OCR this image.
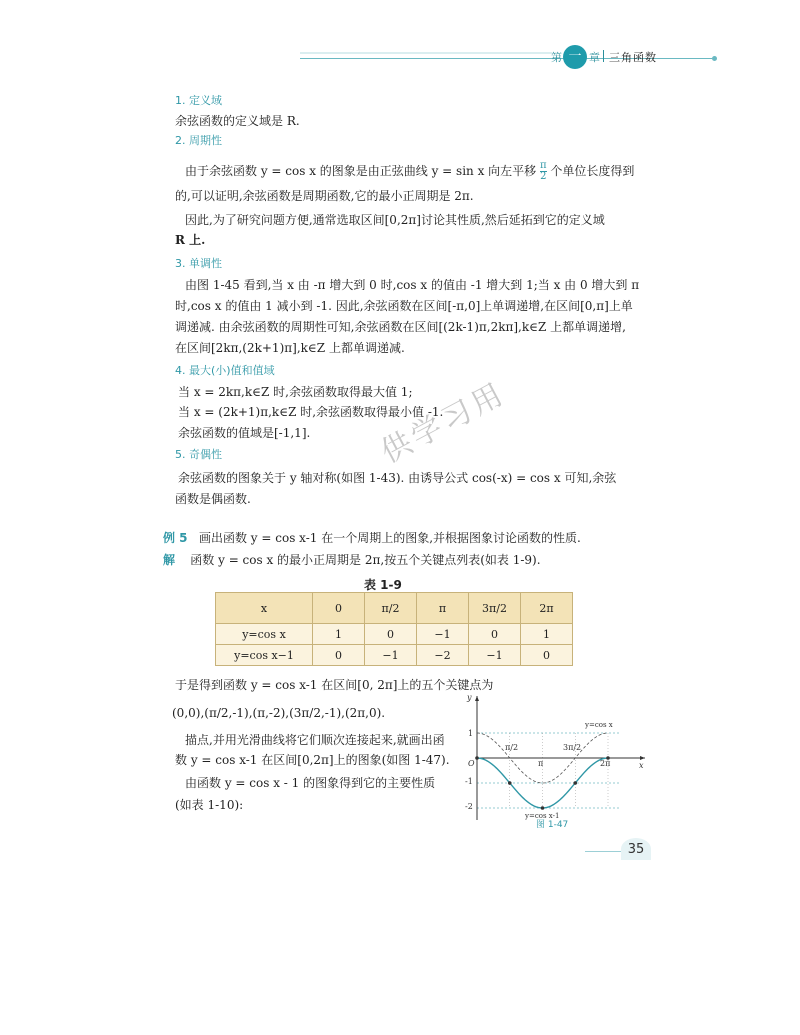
第 一 章 三角函数
1. 定义域
余弦函数的定义域是 R.
2. 周期性
由于余弦函数 y = cos x 的图象是由正弦曲线 y = sin x 向左平移 $\frac{\pi}{2}$ 个单位长度得到
的,可以证明,余弦函数是周期函数,它的最小正周期是 2π.
因此,为了研究问题方便,通常选取区间[0,2π]讨论其性质,然后延拓到它的定义域
R 上.
3. 单调性
由图 1-45 看到,当 x 由 -π 增大到 0 时,cos x 的值由 -1 增大到 1;当 x 由 0 增大到 π
时,cos x 的值由 1 减小到 -1. 因此,余弦函数在区间[-π,0]上单调递增,在区间[0,π]上单
调递减. 由余弦函数的周期性可知,余弦函数在区间[(2k-1)π,2kπ],k∈Z 上都单调递增,
在区间[2kπ,(2k+1)π],k∈Z 上都单调递减.
4. 最大(小)值和值域
当 x = 2kπ,k∈Z 时,余弦函数取得最大值 1;
当 x = (2k+1)π,k∈Z 时,余弦函数取得最小值 -1.
余弦函数的值域是[-1,1].	供学习用
5. 奇偶性
余弦函数的图象关于 y 轴对称(如图 1-43). 由诱导公式 cos(-x) = cos x 可知,余弦
函数是偶函数.
例 5 画出函数 y = cos x-1 在一个周期上的图象,并根据图象讨论函数的性质.
解 函数 y = cos x 的最小正周期是 2π,按五个关键点列表(如表 1-9).
表 1-9
x	0	π/2	π	3π/2	2π
y=cos x	1	0	−1	0	1
y=cos x−1	0	−1	−2	−1	0
于是得到函数 y = cos x-1 在区间[0, 2π]上的五个关键点为
(0,0),(π/2,-1),(π,-2),(3π/2,-1),(2π,0).
描点,并用光滑曲线将它们顺次连接起来,就画出函
数 y = cos x-1 在区间[0,2π]上的图象(如图 1-47).
由函数 y = cos x - 1 的图象得到它的主要性质
(如表 1-10):
y
x
O
1
-1
-2
π/2
π
3π/2
2π
y=cos x
y=cos x-1
图 1-47
35
